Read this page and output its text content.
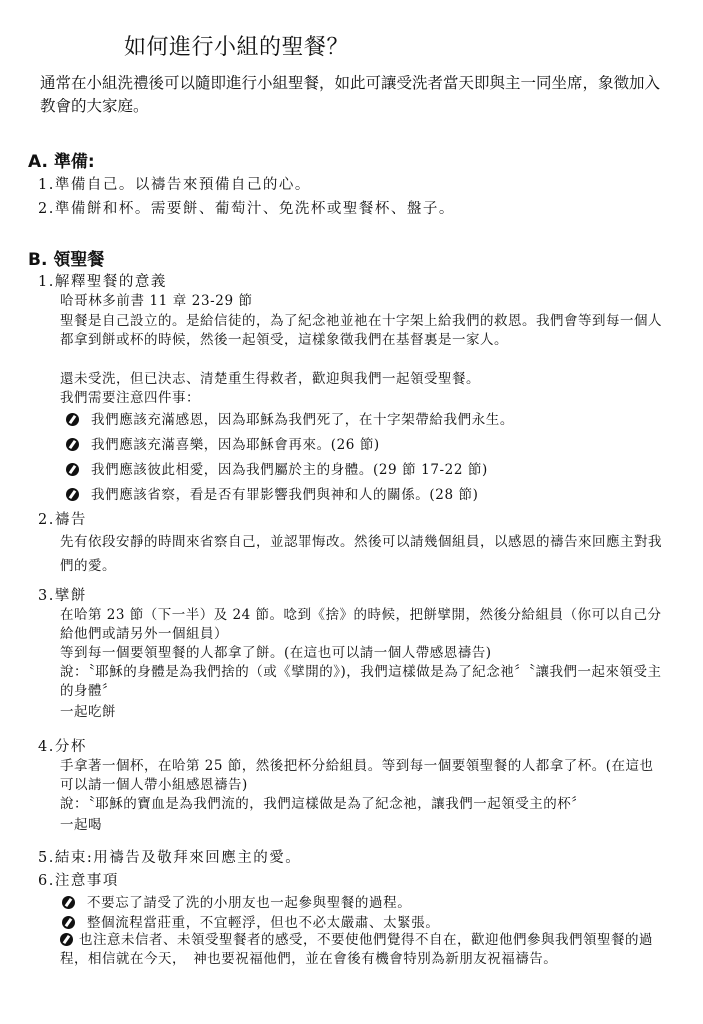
如何進行小組的聖餐？
通常在小組洗禮後可以隨即進行小組聖餐，如此可讓受洗者當天即與主一同坐席，象徵加入教會的大家庭。
A. 準備:
1.準備自己。以禱告來預備自己的心。
2.準備餅和杯。需要餅、葡萄汁、免洗杯或聖餐杯、盤子。
B. 領聖餐
1.解釋聖餐的意義
哈哥林多前書 11 章 23-29 節
聖餐是自己設立的。是給信徒的，為了紀念祂並祂在十字架上給我們的救恩。我們會等到每一個人都拿到餅或杯的時候，然後一起領受，這樣象徵我們在基督裏是一家人。
還未受洗，但已決志、清楚重生得救者，歡迎與我們一起領受聖餐。
我們需要注意四件事：
我們應該充滿感恩，因為耶穌為我們死了，在十字架帶給我們永生。
我們應該充滿喜樂，因為耶穌會再來。(26 節)
我們應該彼此相愛，因為我們屬於主的身體。(29 節 17-22 節)
我們應該省察，看是否有罪影響我們與神和人的關係。(28 節)
2.禱告
先有依段安靜的時間來省察自己，並認罪悔改。然後可以請幾個組員，以感恩的禱告來回應主對我們的愛。
3.擘餅
在哈第 23 節（下一半）及 24 節。唸到《捨》的時候，把餅擘開，然後分給組員（你可以自己分給他們或請另外一個組員）
等到每一個要領聖餐的人都拿了餅。(在這也可以請一個人帶感恩禱告)
說：〝耶穌的身體是為我們捨的（或《擘開的》)，我們這樣做是為了紀念祂〞〝讓我們一起來領受主的身體〞
一起吃餅
4.分杯
手拿著一個杯，在哈第 25 節，然後把杯分給組員。等到每一個要領聖餐的人都拿了杯。(在這也可以請一個人帶小組感恩禱告)
說：〝耶穌的寶血是為我們流的，我們這樣做是為了紀念祂，讓我們一起領受主的杯〞
一起喝
5.結束:用禱告及敬拜來回應主的愛。
6.注意事項
不要忘了請受了洗的小朋友也一起參與聖餐的過程。
整個流程當莊重，不宜輕浮，但也不必太嚴肅、太緊張。
也注意未信者、未領受聖餐者的感受，不要使他們覺得不自在，歡迎他們參與我們領聖餐的過程，相信就在今天，　神也要祝福他們，並在會後有機會特別為新朋友祝福禱告。
